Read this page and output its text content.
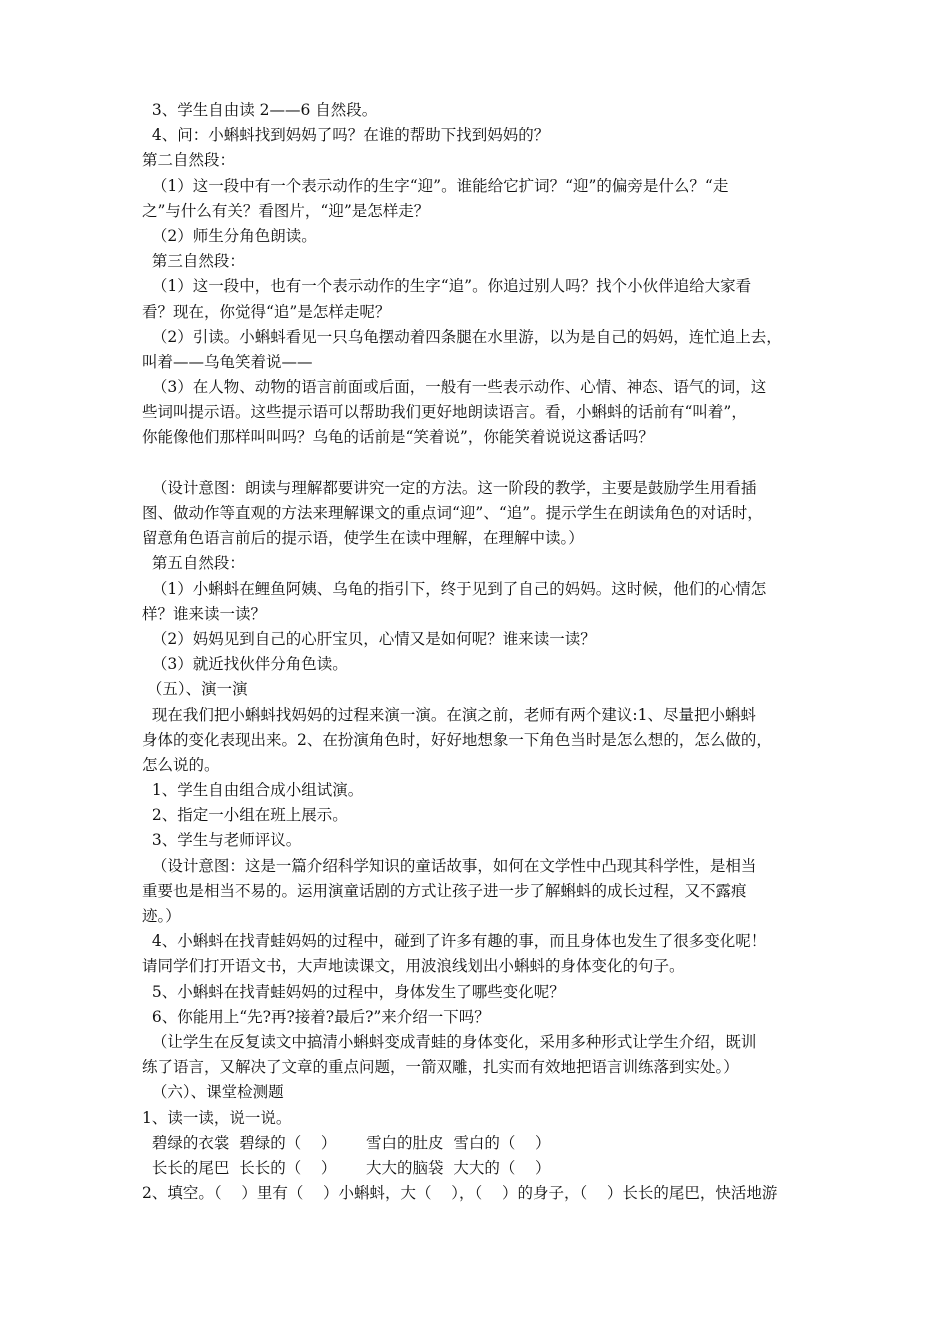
3、学生自由读 2——6 自然段。
4、问：小蝌蚪找到妈妈了吗？在谁的帮助下找到妈妈的？
第二自然段：
（1）这一段中有一个表示动作的生字“迎”。谁能给它扩词？“迎”的偏旁是什么？“走
之”与什么有关？看图片，“迎”是怎样走？
（2）师生分角色朗读。
第三自然段：
（1）这一段中，也有一个表示动作的生字“追”。你追过别人吗？找个小伙伴追给大家看
看？现在，你觉得“追”是怎样走呢？
（2）引读。小蝌蚪看见一只乌龟摆动着四条腿在水里游，以为是自己的妈妈，连忙追上去，
叫着——乌龟笑着说——
（3）在人物、动物的语言前面或后面，一般有一些表示动作、心情、神态、语气的词，这
些词叫提示语。这些提示语可以帮助我们更好地朗读语言。看，小蝌蚪的话前有“叫着”，
你能像他们那样叫叫吗？乌龟的话前是“笑着说”，你能笑着说说这番话吗？
（设计意图：朗读与理解都要讲究一定的方法。这一阶段的教学，主要是鼓励学生用看插
图、做动作等直观的方法来理解课文的重点词“迎”、“追”。提示学生在朗读角色的对话时，
留意角色语言前后的提示语，使学生在读中理解，在理解中读。）
第五自然段：
（1）小蝌蚪在鲤鱼阿姨、乌龟的指引下，终于见到了自己的妈妈。这时候，他们的心情怎
样？谁来读一读？
（2）妈妈见到自己的心肝宝贝，心情又是如何呢？谁来读一读？
（3）就近找伙伴分角色读。
（五）、演一演
现在我们把小蝌蚪找妈妈的过程来演一演。在演之前，老师有两个建议:1、尽量把小蝌蚪
身体的变化表现出来。2、在扮演角色时，好好地想象一下角色当时是怎么想的，怎么做的，
怎么说的。
1、学生自由组合成小组试演。
2、指定一小组在班上展示。
3、学生与老师评议。
（设计意图：这是一篇介绍科学知识的童话故事，如何在文学性中凸现其科学性，是相当
重要也是相当不易的。运用演童话剧的方式让孩子进一步了解蝌蚪的成长过程，又不露痕
迹。）
4、小蝌蚪在找青蛙妈妈的过程中，碰到了许多有趣的事，而且身体也发生了很多变化呢！
请同学们打开语文书，大声地读课文，用波浪线划出小蝌蚪的身体变化的句子。
5、小蝌蚪在找青蛙妈妈的过程中，身体发生了哪些变化呢？
6、你能用上“先?再?接着?最后?”来介绍一下吗？
（让学生在反复读文中搞清小蝌蚪变成青蛙的身体变化，采用多种形式让学生介绍，既训
练了语言，又解决了文章的重点问题，一箭双雕，扎实而有效地把语言训练落到实处。）
（六）、课堂检测题
1、读一读，说一说。
碧绿的衣裳  碧绿的（    ）      雪白的肚皮  雪白的（    ）
长长的尾巴  长长的（    ）      大大的脑袋  大大的（    ）
2、填空。（    ）里有（    ）小蝌蚪，大（    ），（    ）的身子，（    ）长长的尾巴，快活地游
